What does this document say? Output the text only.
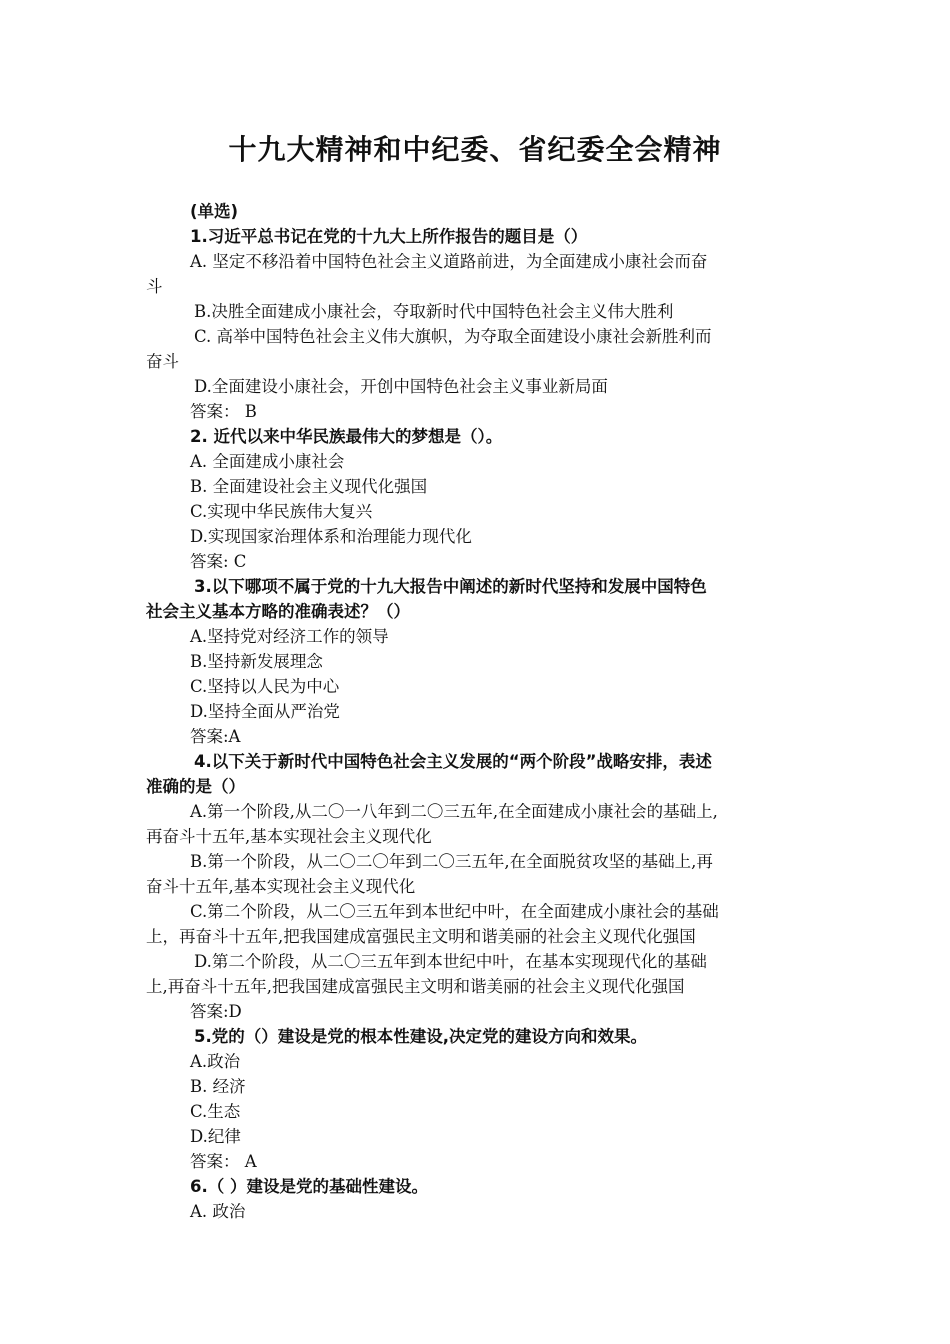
十九大精神和中纪委、省纪委全会精神
(单选)
1.习近平总书记在党的十九大上所作报告的题目是（）
A. 坚定不移沿着中国特色社会主义道路前进，为全面建成小康社会而奋
斗
B.决胜全面建成小康社会，夺取新时代中国特色社会主义伟大胜利
C. 高举中国特色社会主义伟大旗帜，为夺取全面建设小康社会新胜利而
奋斗
D.全面建设小康社会，开创中国特色社会主义事业新局面
答案： B
2. 近代以来中华民族最伟大的梦想是（）。
A. 全面建成小康社会
B. 全面建设社会主义现代化强国
C.实现中华民族伟大复兴
D.实现国家治理体系和治理能力现代化
答案: C
3.以下哪项不属于党的十九大报告中阐述的新时代坚持和发展中国特色
社会主义基本方略的准确表述？（）
A.坚持党对经济工作的领导
B.坚持新发展理念
C.坚持以人民为中心
D.坚持全面从严治党
答案:A
4.以下关于新时代中国特色社会主义发展的“两个阶段”战略安排，表述
准确的是（）
A.第一个阶段,从二〇一八年到二〇三五年,在全面建成小康社会的基础上,
再奋斗十五年,基本实现社会主义现代化
B.第一个阶段，从二〇二〇年到二〇三五年,在全面脱贫攻坚的基础上,再
奋斗十五年,基本实现社会主义现代化
C.第二个阶段，从二〇三五年到本世纪中叶，在全面建成小康社会的基础
上，再奋斗十五年,把我国建成富强民主文明和谐美丽的社会主义现代化强国
D.第二个阶段，从二〇三五年到本世纪中叶，在基本实现现代化的基础
上,再奋斗十五年,把我国建成富强民主文明和谐美丽的社会主义现代化强国
答案:D
5.党的（）建设是党的根本性建设,决定党的建设方向和效果。
A.政治
B. 经济
C.生态
D.纪律
答案： A
6.（ ）建设是党的基础性建设。
A. 政治
